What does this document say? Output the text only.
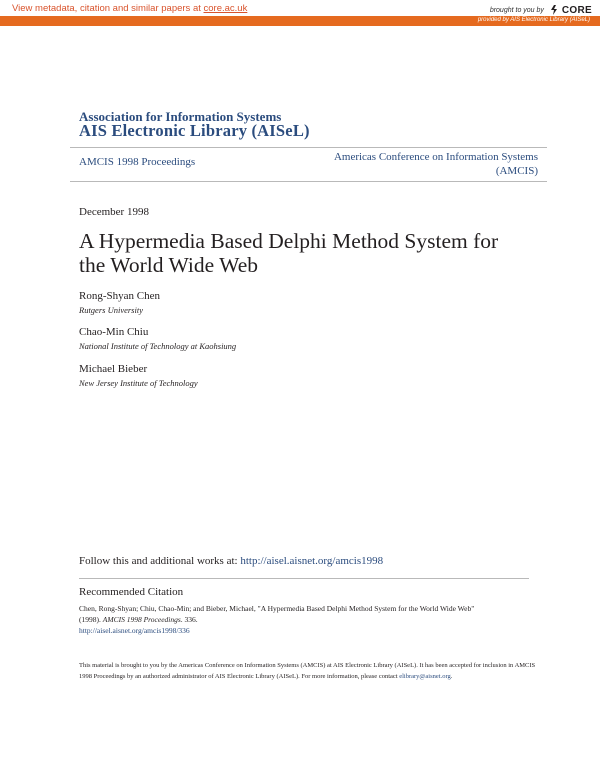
View metadata, citation and similar papers at core.ac.uk	brought to you by CORE
provided by AIS Electronic Library (AISeL)
Association for Information Systems
AIS Electronic Library (AISeL)
AMCIS 1998 Proceedings	Americas Conference on Information Systems
(AMCIS)
December 1998
A Hypermedia Based Delphi Method System for the World Wide Web
Rong-Shyan Chen
Rutgers University
Chao-Min Chiu
National Institute of Technology at Kaohsiung
Michael Bieber
New Jersey Institute of Technology
Follow this and additional works at: http://aisel.aisnet.org/amcis1998
Recommended Citation
Chen, Rong-Shyan; Chiu, Chao-Min; and Bieber, Michael, "A Hypermedia Based Delphi Method System for the World Wide Web"
(1998). AMCIS 1998 Proceedings. 336.
http://aisel.aisnet.org/amcis1998/336
This material is brought to you by the Americas Conference on Information Systems (AMCIS) at AIS Electronic Library (AISeL). It has been accepted for inclusion in AMCIS 1998 Proceedings by an authorized administrator of AIS Electronic Library (AISeL). For more information, please contact elibrary@aisnet.org.
